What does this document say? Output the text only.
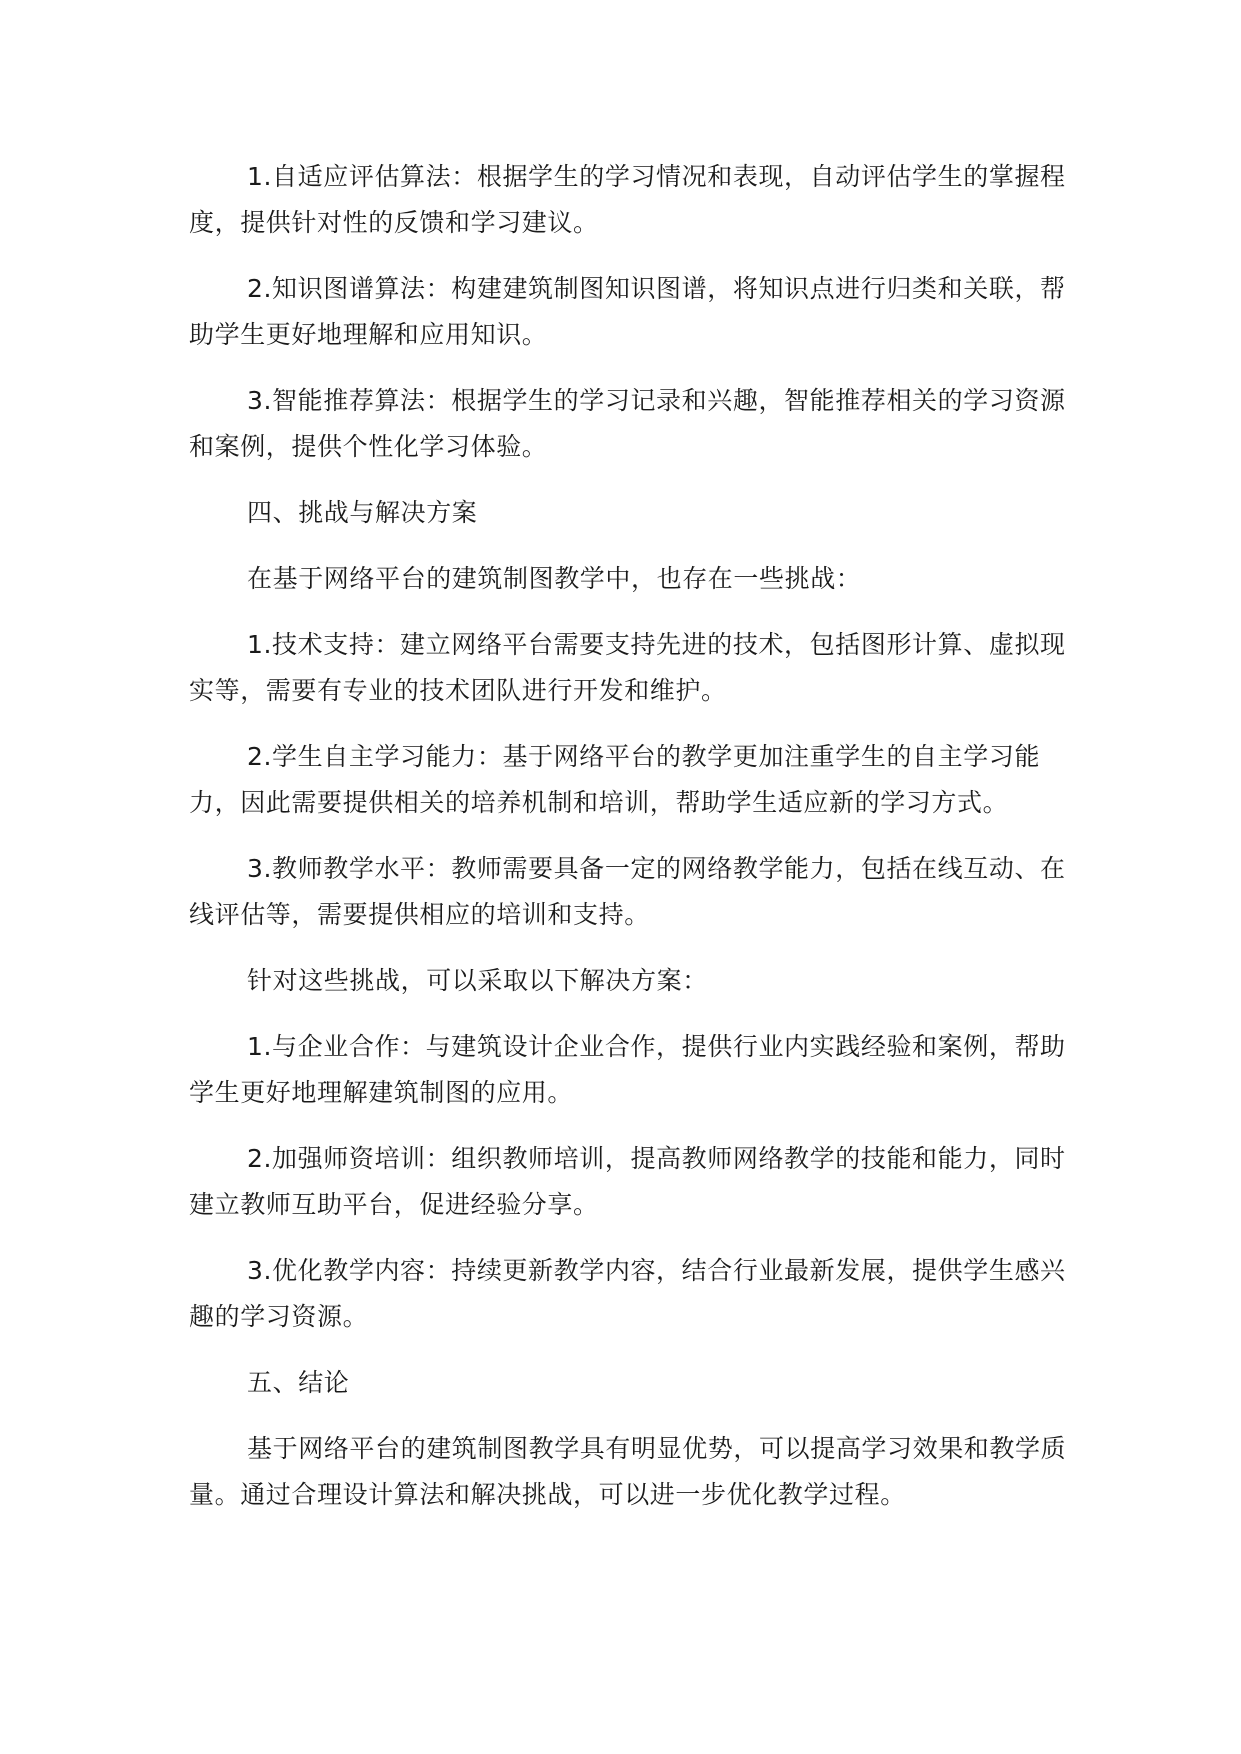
1.自适应评估算法：根据学生的学习情况和表现，自动评估学生的掌握程度，提供针对性的反馈和学习建议。

2.知识图谱算法：构建建筑制图知识图谱，将知识点进行归类和关联，帮助学生更好地理解和应用知识。

3.智能推荐算法：根据学生的学习记录和兴趣，智能推荐相关的学习资源和案例，提供个性化学习体验。

四、挑战与解决方案

在基于网络平台的建筑制图教学中，也存在一些挑战：

1.技术支持：建立网络平台需要支持先进的技术，包括图形计算、虚拟现实等，需要有专业的技术团队进行开发和维护。

2.学生自主学习能力：基于网络平台的教学更加注重学生的自主学习能力，因此需要提供相关的培养机制和培训，帮助学生适应新的学习方式。

3.教师教学水平：教师需要具备一定的网络教学能力，包括在线互动、在线评估等，需要提供相应的培训和支持。

针对这些挑战，可以采取以下解决方案：

1.与企业合作：与建筑设计企业合作，提供行业内实践经验和案例，帮助学生更好地理解建筑制图的应用。

2.加强师资培训：组织教师培训，提高教师网络教学的技能和能力，同时建立教师互助平台，促进经验分享。

3.优化教学内容：持续更新教学内容，结合行业最新发展，提供学生感兴趣的学习资源。

五、结论

基于网络平台的建筑制图教学具有明显优势，可以提高学习效果和教学质量。通过合理设计算法和解决挑战，可以进一步优化教学过程。
